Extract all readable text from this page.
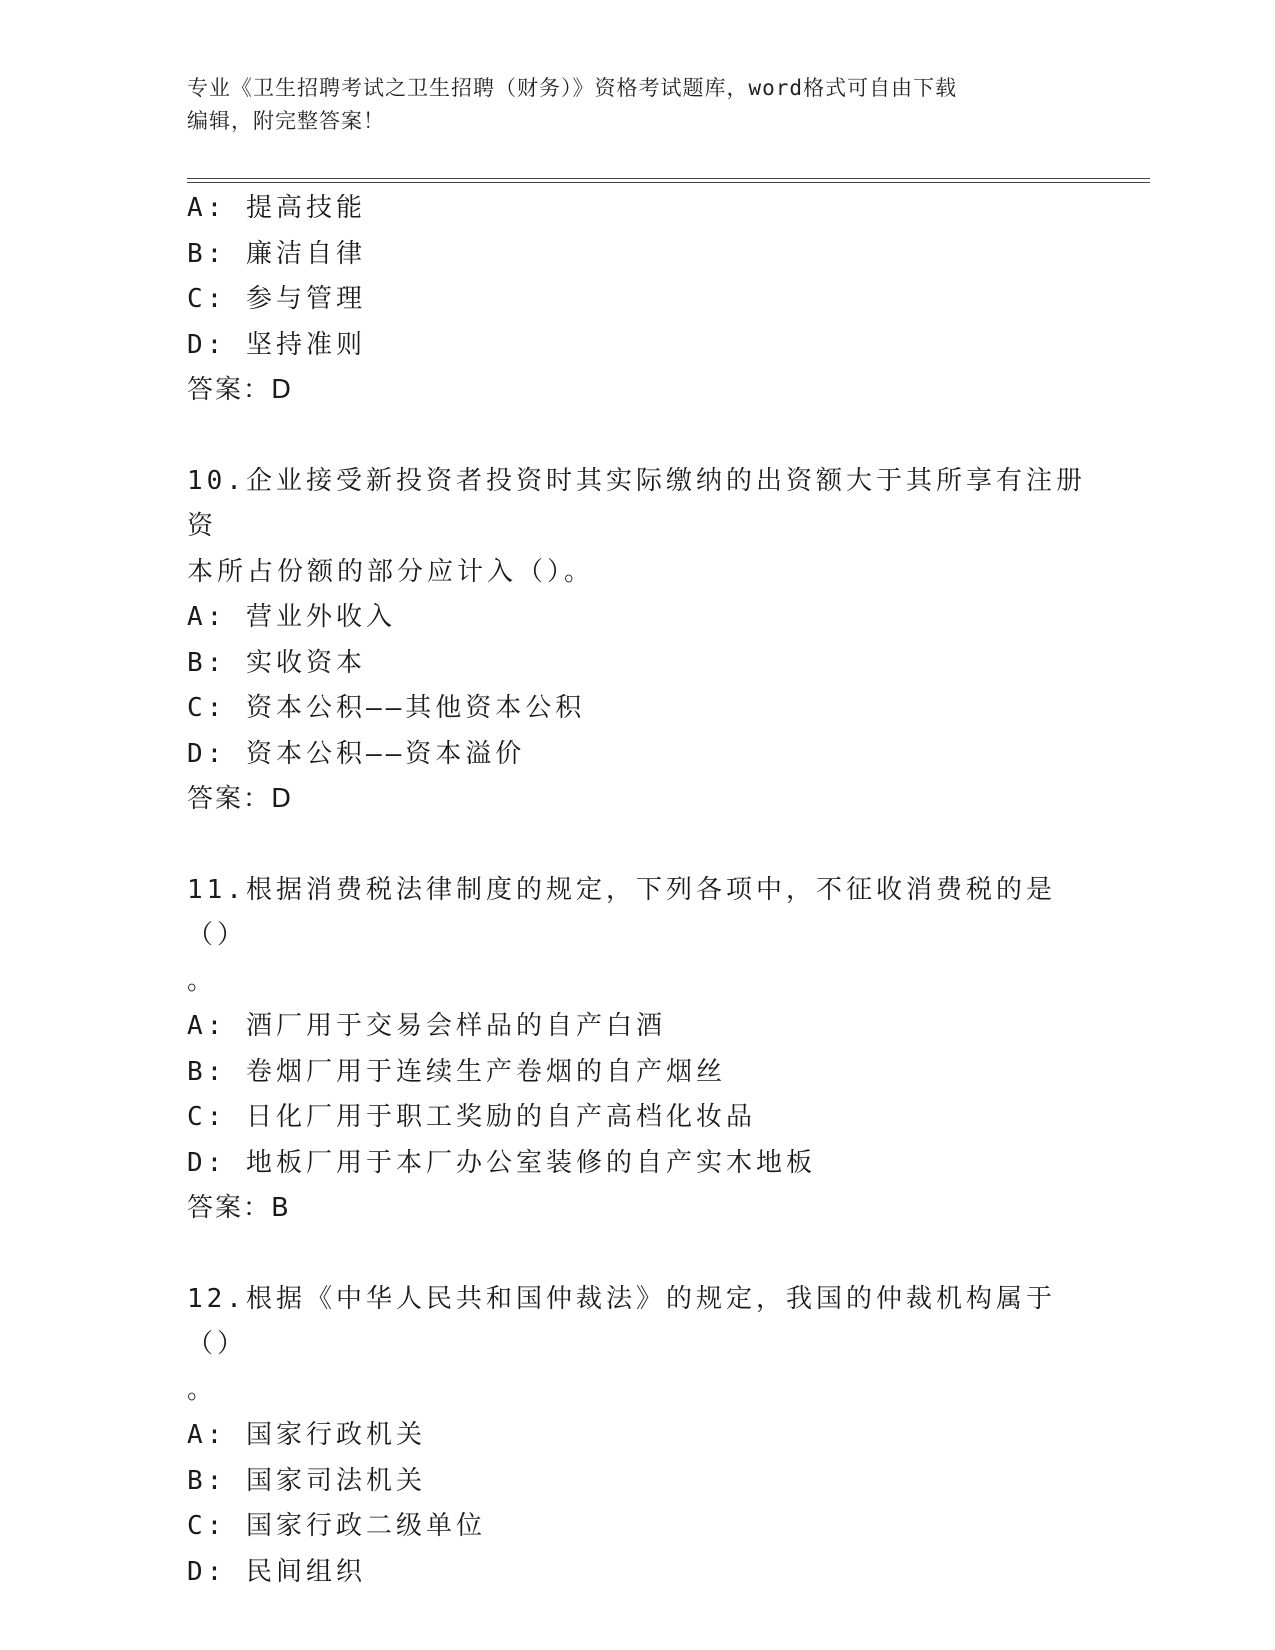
专业《卫生招聘考试之卫生招聘（财务）》资格考试题库，word格式可自由下载
编辑，附完整答案！
A: 提高技能
B: 廉洁自律
C: 参与管理
D: 坚持准则
答案：D
10.企业接受新投资者投资时其实际缴纳的出资额大于其所享有注册资
本所占份额的部分应计入（）。
A: 营业外收入
B: 实收资本
C: 资本公积——其他资本公积
D: 资本公积——资本溢价
答案：D
11.根据消费税法律制度的规定，下列各项中，不征收消费税的是（）
。
A: 酒厂用于交易会样品的自产白酒
B: 卷烟厂用于连续生产卷烟的自产烟丝
C: 日化厂用于职工奖励的自产高档化妆品
D: 地板厂用于本厂办公室装修的自产实木地板
答案：B
12.根据《中华人民共和国仲裁法》的规定，我国的仲裁机构属于（）
。
A: 国家行政机关
B: 国家司法机关
C: 国家行政二级单位
D: 民间组织
